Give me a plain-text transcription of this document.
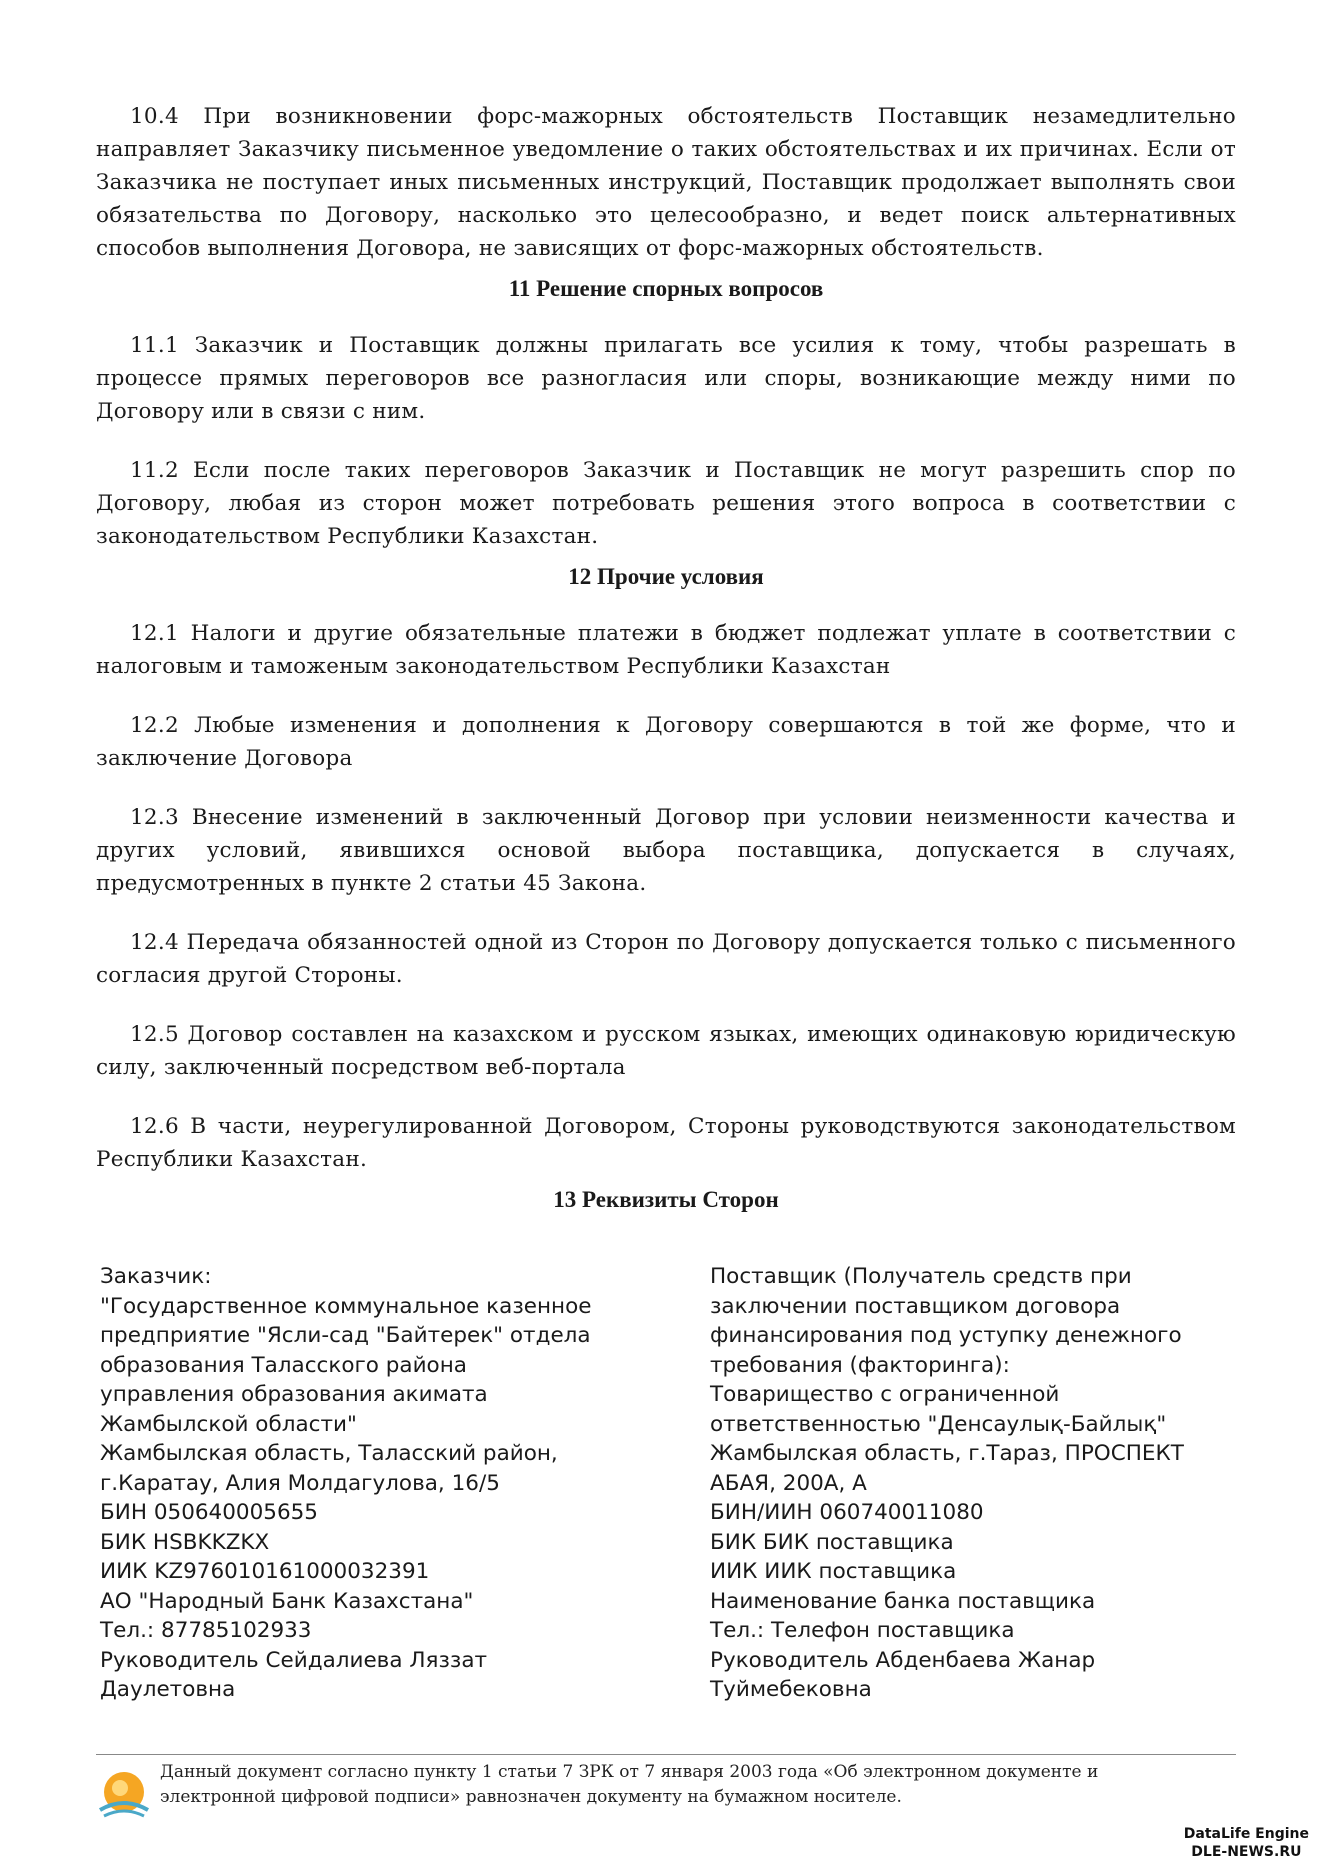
10.4 При возникновении форс-мажорных обстоятельств Поставщик незамедлительно направляет Заказчику письменное уведомление о таких обстоятельствах и их причинах. Если от Заказчика не поступает иных письменных инструкций, Поставщик продолжает выполнять свои обязательства по Договору, насколько это целесообразно, и ведет поиск альтернативных способов выполнения Договора, не зависящих от форс-мажорных обстоятельств.

11 Решение спорных вопросов

11.1 Заказчик и Поставщик должны прилагать все усилия к тому, чтобы разрешать в процессе прямых переговоров все разногласия или споры, возникающие между ними по Договору или в связи с ним.

11.2 Если после таких переговоров Заказчик и Поставщик не могут разрешить спор по Договору, любая из сторон может потребовать решения этого вопроса в соответствии с законодательством Республики Казахстан.

12 Прочие условия

12.1 Налоги и другие обязательные платежи в бюджет подлежат уплате в соответствии с налоговым и таможеным законодательством Республики Казахстан

12.2 Любые изменения и дополнения к Договору совершаются в той же форме, что и заключение Договора

12.3 Внесение изменений в заключенный Договор при условии неизменности качества и других условий, явившихся основой выбора поставщика, допускается в случаях, предусмотренных в пункте 2 статьи 45 Закона.

12.4 Передача обязанностей одной из Сторон по Договору допускается только с письменного согласия другой Стороны.

12.5 Договор составлен на казахском и русском языках, имеющих одинаковую юридическую силу, заключенный посредством веб-портала

12.6 В части, неурегулированной Договором, Стороны руководствуются законодательством Республики Казахстан.

13 Реквизиты Сторон
Заказчик:
"Государственное коммунальное казенное
предприятие "Ясли-сад "Байтерек" отдела
образования Таласского района
управления образования акимата
Жамбылской области"
Жамбылская область, Таласский район,
г.Каратау, Алия Молдагулова, 16/5
БИН 050640005655
БИК HSBKKZKX
ИИК KZ976010161000032391
АО "Народный Банк Казахстана"
Тел.: 87785102933
Руководитель Сейдалиева Ляззат
Даулетовна
Поставщик (Получатель средств при
заключении поставщиком договора
финансирования под уступку денежного
требования (факторинга):
Товарищество с ограниченной
ответственностью "Денсаулық-Байлық"
Жамбылская область, г.Тараз, ПРОСПЕКТ
АБАЯ, 200А, А
БИН/ИИН 060740011080
БИК БИК поставщика
ИИК ИИК поставщика
Наименование банка поставщика
Тел.: Телефон поставщика
Руководитель Абденбаева Жанар
Туймебековна
Данный документ согласно пункту 1 статьи 7 ЗРК от 7 января 2003 года «Об электронном документе и
электронной цифровой подписи» равнозначен документу на бумажном носителе.
DataLife Engine
DLE-NEWS.RU
